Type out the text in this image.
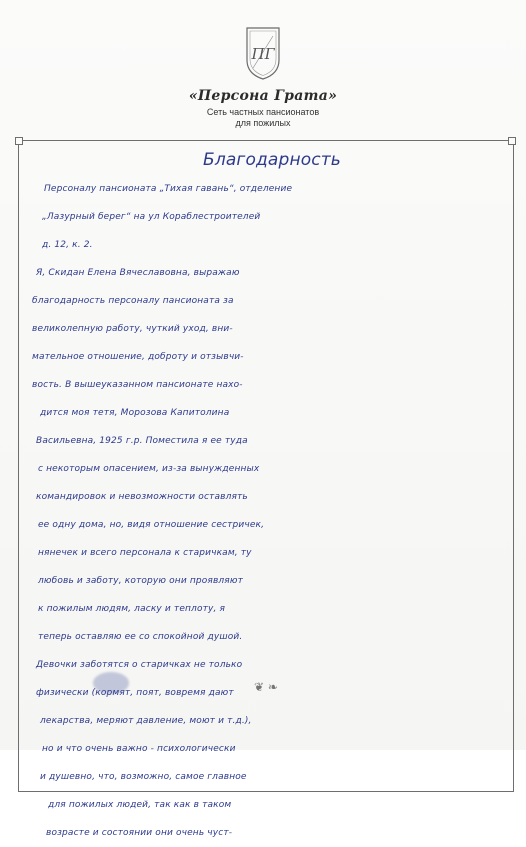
ПГ
«Персона Грата»
Сеть частных пансионатов
для пожилых
❦ ❧
Благодарность
Персоналу пансионата „Тихая гавань“, отделение
„Лазурный берег“ на ул Кораблестроителей
д. 12, к. 2.
Я, Скидан Елена Вячеславовна, выражаю
благодарность персоналу пансионата за
великолепную работу, чуткий уход, вни-
мательное отношение, доброту и отзывчи-
вость. В вышеуказанном пансионате нахо-
дится моя тетя, Морозова Капитолина
Васильевна, 1925 г.р. Поместила я ее туда
с некоторым опасением, из-за вынужденных
командировок и невозможности оставлять
ее одну дома, но, видя отношение сестричек,
нянечек и всего персонала к старичкам, ту
любовь и заботу, которую они проявляют
к пожилым людям, ласку и теплоту, я
теперь оставляю ее со спокойной душой.
Девочки заботятся о старичках не только
физически (кормят, поят, вовремя дают
лекарства, меряют давление, моют и т.д.),
но и что очень важно - психологически
и душевно, что, возможно, самое главное
для пожилых людей, так как в таком
возрасте и состоянии они очень чуст-
